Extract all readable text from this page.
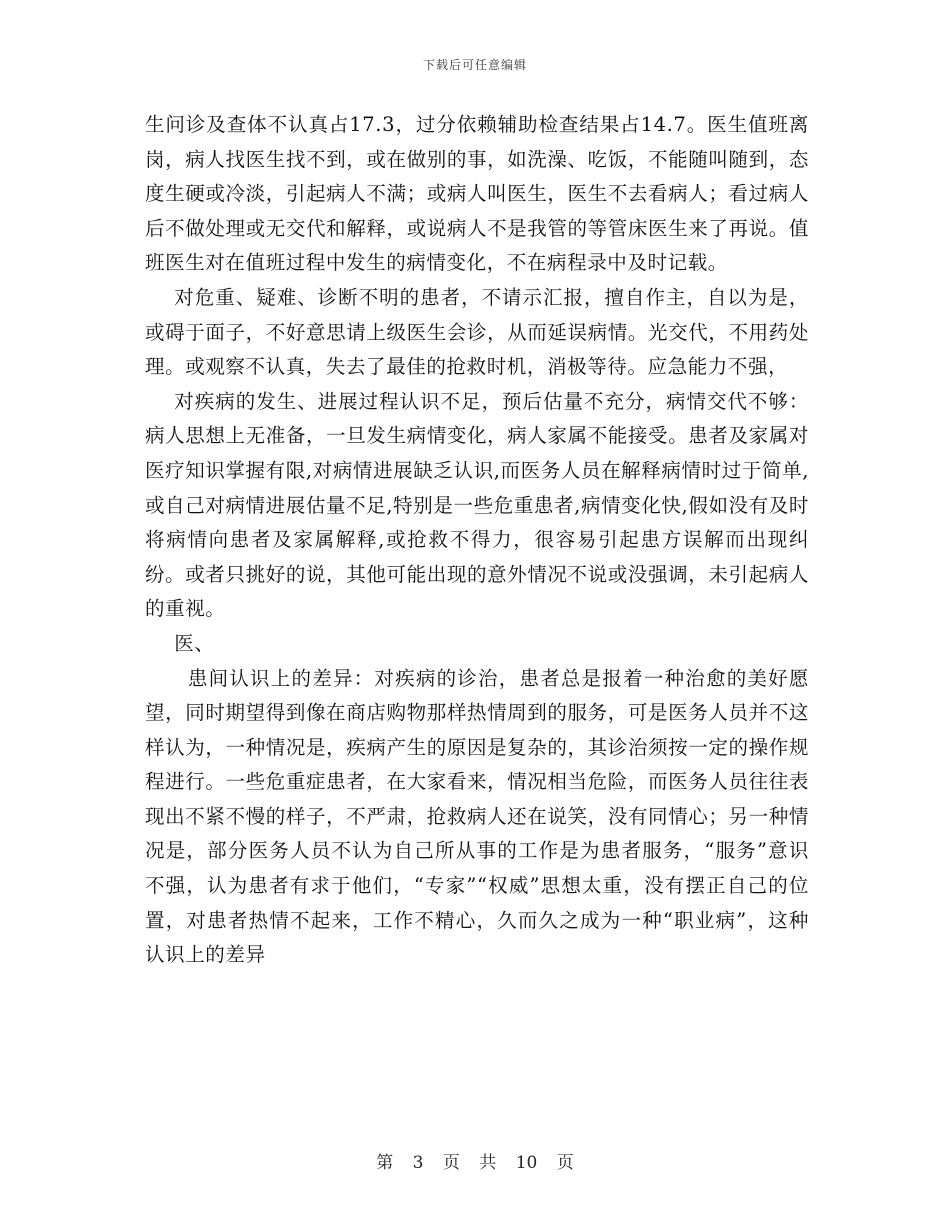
下载后可任意编辑

生问诊及查体不认真占17.3，过分依赖辅助检查结果占14.7。医生值班离岗，病人找医生找不到，或在做别的事，如洗澡、吃饭，不能随叫随到，态度生硬或冷淡，引起病人不满；或病人叫医生，医生不去看病人；看过病人后不做处理或无交代和解释，或说病人不是我管的等管床医生来了再说。值班医生对在值班过程中发生的病情变化，不在病程录中及时记载。

对危重、疑难、诊断不明的患者，不请示汇报，擅自作主，自以为是，或碍于面子，不好意思请上级医生会诊，从而延误病情。光交代，不用药处理。或观察不认真，失去了最佳的抢救时机，消极等待。应急能力不强，

对疾病的发生、进展过程认识不足，预后估量不充分，病情交代不够：病人思想上无准备，一旦发生病情变化，病人家属不能接受。患者及家属对医疗知识掌握有限,对病情进展缺乏认识,而医务人员在解释病情时过于简单,或自己对病情进展估量不足,特别是一些危重患者,病情变化快,假如没有及时将病情向患者及家属解释,或抢救不得力，很容易引起患方误解而出现纠纷。或者只挑好的说，其他可能出现的意外情况不说或没强调，未引起病人的重视。

医、

患间认识上的差异：对疾病的诊治，患者总是报着一种治愈的美好愿望，同时期望得到像在商店购物那样热情周到的服务，可是医务人员并不这样认为，一种情况是，疾病产生的原因是复杂的，其诊治须按一定的操作规程进行。一些危重症患者，在大家看来，情况相当危险，而医务人员往往表现出不紧不慢的样子，不严肃，抢救病人还在说笑，没有同情心；另一种情况是，部分医务人员不认为自己所从事的工作是为患者服务，“服务”意识不强，认为患者有求于他们，“专家”“权威”思想太重，没有摆正自己的位置，对患者热情不起来，工作不精心，久而久之成为一种“职业病”，这种认识上的差异

第 3 页 共 10 页
